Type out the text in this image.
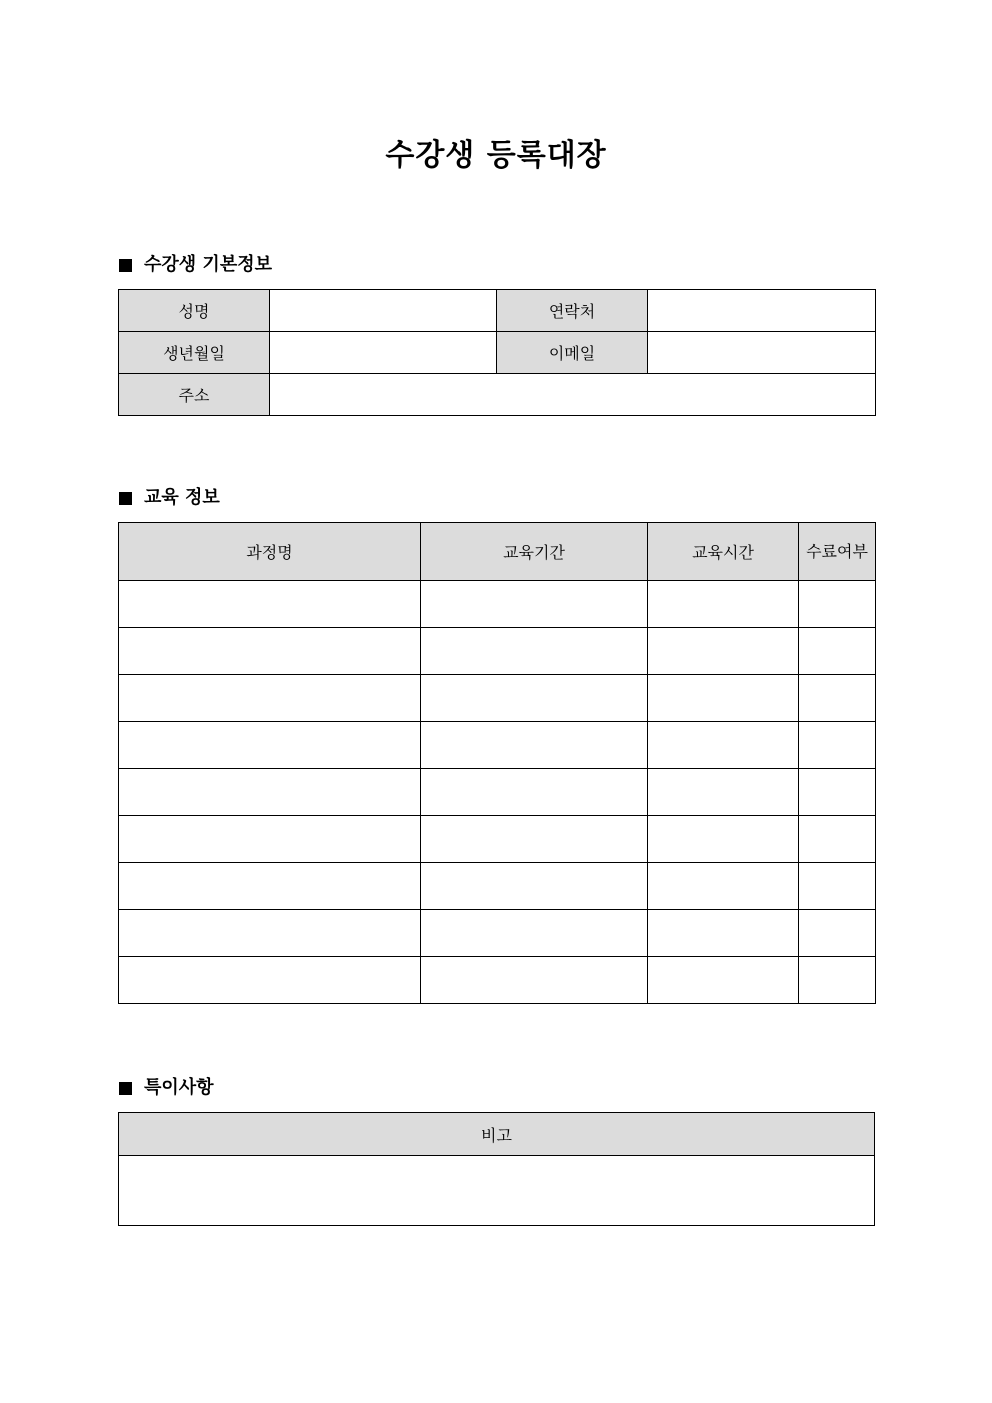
수강생 등록대장
수강생 기본정보
성명		연락처	
생년월일		이메일	
주소			
교육 정보
과정명	교육기간	교육시간	수료여부

특이사항
비고
